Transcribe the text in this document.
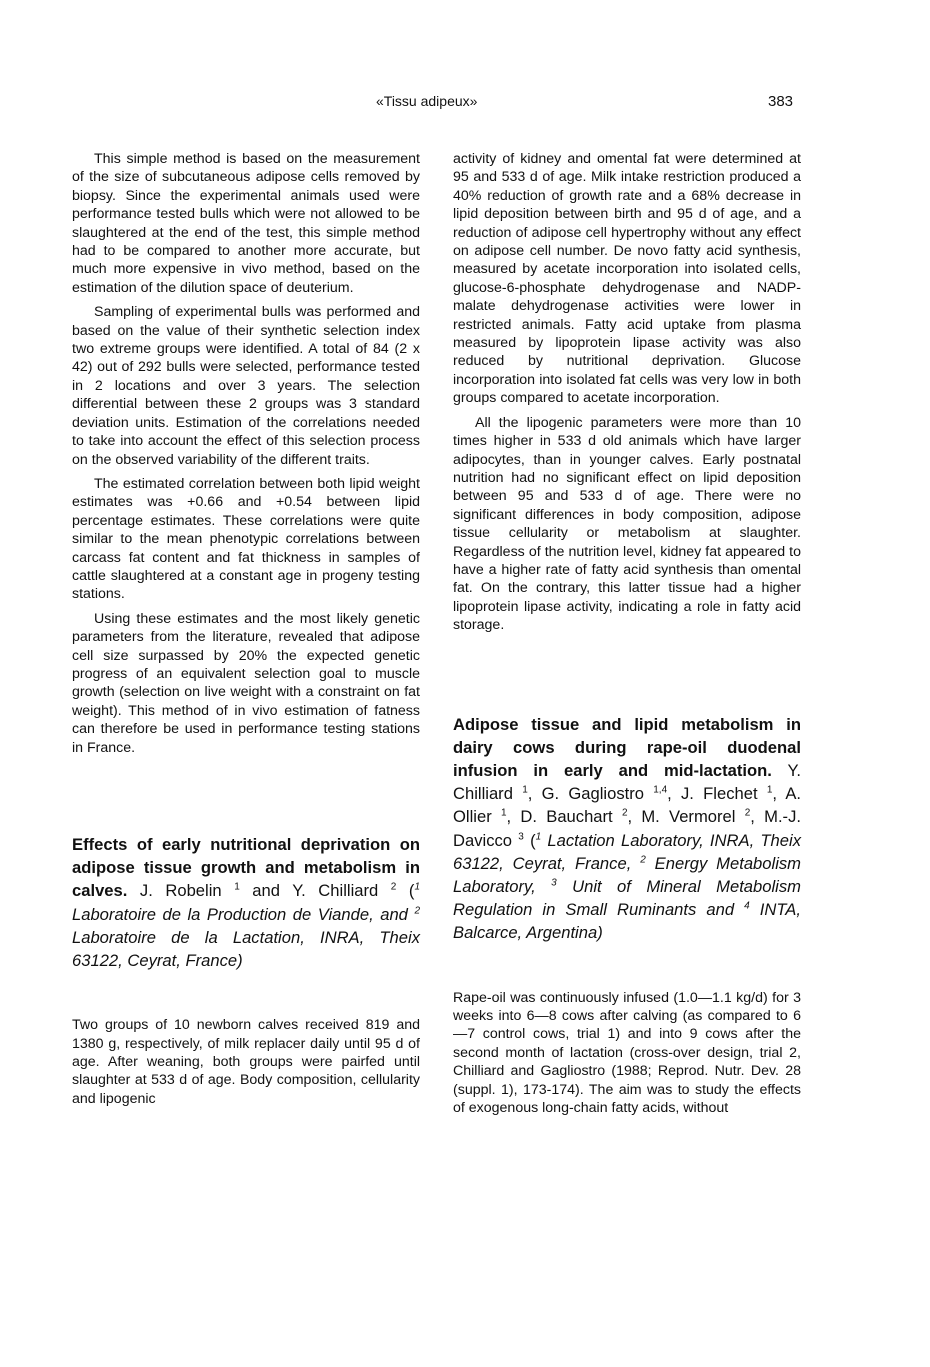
«Tissu adipeux»	383

This simple method is based on the measurement of the size of subcutaneous adipose cells removed by biopsy. Since the experimental animals used were performance tested bulls which were not allowed to be slaughtered at the end of the test, this simple method had to be compared to another more accurate, but much more expensive in vivo method, based on the estimation of the dilution space of deuterium.

Sampling of experimental bulls was performed and based on the value of their synthetic selection index two extreme groups were identified. A total of 84 (2 x 42) out of 292 bulls were selected, performance tested in 2 locations and over 3 years. The selection differential between these 2 groups was 3 standard deviation units. Estimation of the correlations needed to take into account the effect of this selection process on the observed variability of the different traits.

The estimated correlation between both lipid weight estimates was +0.66 and +0.54 between lipid percentage estimates. These correlations were quite similar to the mean phenotypic correlations between carcass fat content and fat thickness in samples of cattle slaughtered at a constant age in progeny testing stations.

Using these estimates and the most likely genetic parameters from the literature, revealed that adipose cell size surpassed by 20% the expected genetic progress of an equivalent selection goal to muscle growth (selection on live weight with a constraint on fat weight). This method of in vivo estimation of fatness can therefore be used in performance testing stations in France.

Effects of early nutritional deprivation on adipose tissue growth and metabolism in calves. J. Robelin $^1$ and Y. Chilliard $^2$ ($^1$ Laboratoire de la Production de Viande, and $^2$ Laboratoire de la Lactation, INRA, Theix 63122, Ceyrat, France)

Two groups of 10 newborn calves received 819 and 1380 g, respectively, of milk replacer daily until 95 d of age. After weaning, both groups were pairfed until slaughter at 533 d of age. Body composition, cellularity and lipogenic

activity of kidney and omental fat were determined at 95 and 533 d of age. Milk intake restriction produced a 40% reduction of growth rate and a 68% decrease in lipid deposition between birth and 95 d of age, and a reduction of adipose cell hypertrophy without any effect on adipose cell number. De novo fatty acid synthesis, measured by acetate incorporation into isolated cells, glucose-6-phosphate dehydrogenase and NADP-malate dehydrogenase activities were lower in restricted animals. Fatty acid uptake from plasma measured by lipoprotein lipase activity was also reduced by nutritional deprivation. Glucose incorporation into isolated fat cells was very low in both groups compared to acetate incorporation.

All the lipogenic parameters were more than 10 times higher in 533 d old animals which have larger adipocytes, than in younger calves. Early postnatal nutrition had no significant effect on lipid deposition between 95 and 533 d of age. There were no significant differences in body composition, adipose tissue cellularity or metabolism at slaughter. Regardless of the nutrition level, kidney fat appeared to have a higher rate of fatty acid synthesis than omental fat. On the contrary, this latter tissue had a higher lipoprotein lipase activity, indicating a role in fatty acid storage.

Adipose tissue and lipid metabolism in dairy cows during rape-oil duodenal infusion in early and mid-lactation. Y. Chilliard $^1$, G. Gagliostro $^{1,4}$, J. Flechet $^1$, A. Ollier $^1$, D. Bauchart $^2$, M. Vermorel $^2$, M.-J. Davicco $^3$ ($^1$ Lactation Laboratory, INRA, Theix 63122, Ceyrat, France, $^2$ Energy Metabolism Laboratory, $^3$ Unit of Mineral Metabolism Regulation in Small Ruminants and $^4$ INTA, Balcarce, Argentina)

Rape-oil was continuously infused (1.0—1.1 kg/d) for 3 weeks into 6—8 cows after calving (as compared to 6—7 control cows, trial 1) and into 9 cows after the second month of lactation (cross-over design, trial 2, Chilliard and Gagliostro (1988; Reprod. Nutr. Dev. 28 (suppl. 1), 173-174). The aim was to study the effects of exogenous long-chain fatty acids, without
